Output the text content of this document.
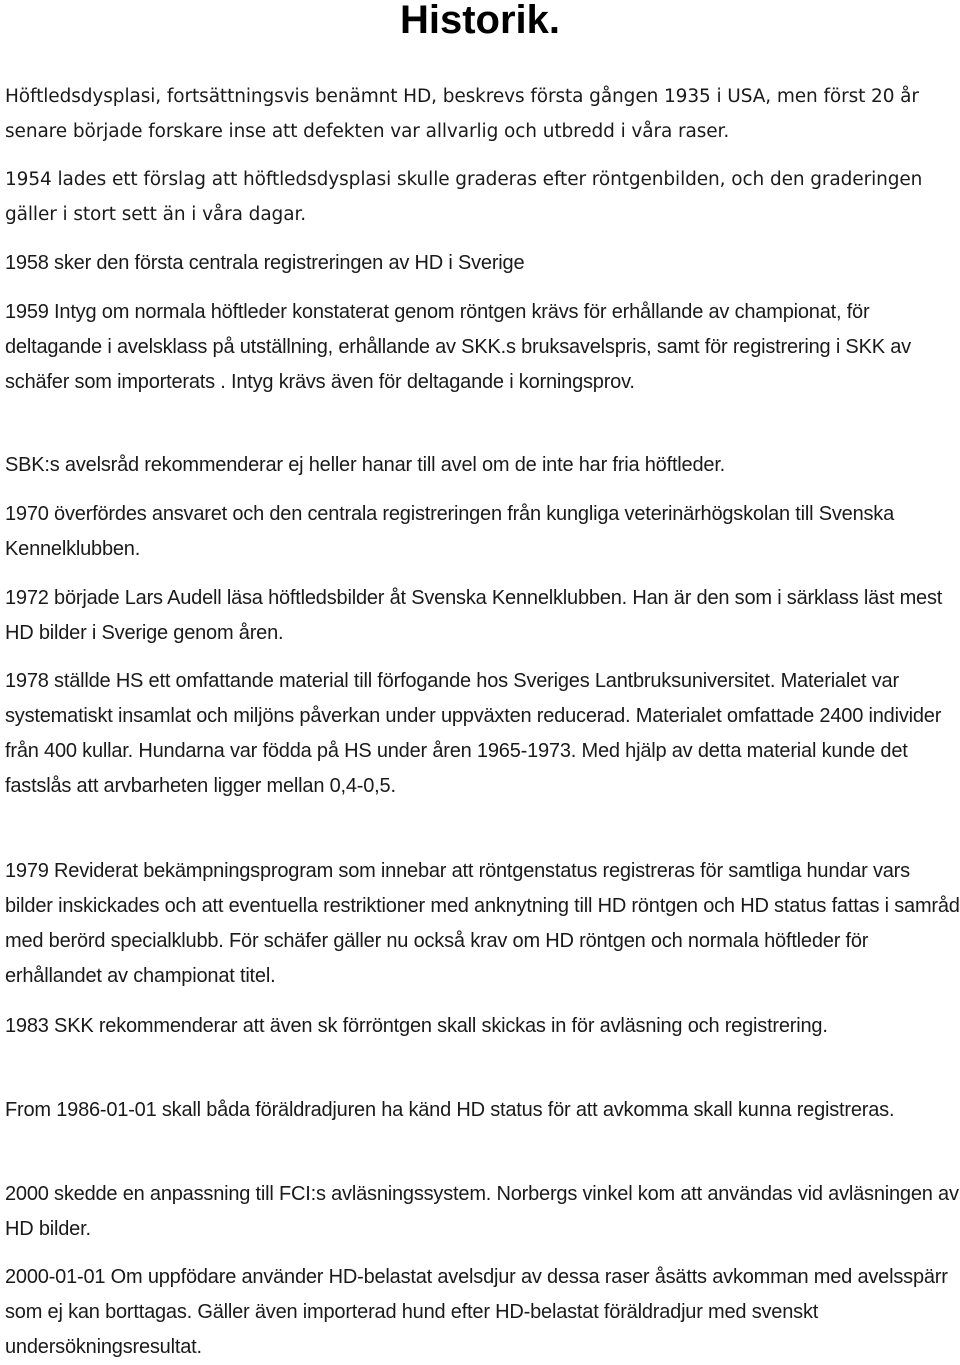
Historik.

Höftledsdysplasi, fortsättningsvis benämnt HD, beskrevs första gången 1935 i USA, men först 20 år senare började forskare inse att defekten var allvarlig och utbredd i våra raser.

1954 lades ett förslag att höftledsdysplasi skulle graderas efter röntgenbilden, och den graderingen gäller i stort sett än i våra dagar.

1958 sker den första centrala registreringen av HD i Sverige

1959 Intyg om normala höftleder konstaterat genom röntgen krävs för erhållande av championat, för deltagande i avelsklass på utställning, erhållande av SKK.s bruksavelspris, samt för registrering i SKK av schäfer som importerats . Intyg krävs även för deltagande i korningsprov.

SBK:s avelsråd rekommenderar ej heller hanar till avel om de inte har fria höftleder.

1970 överfördes ansvaret och den centrala registreringen från kungliga veterinärhögskolan till Svenska Kennelklubben.

1972 började Lars Audell läsa höftledsbilder åt Svenska Kennelklubben. Han är den som i särklass läst mest HD bilder i Sverige genom åren.

1978 ställde HS ett omfattande material till förfogande hos Sveriges Lantbruksuniversitet. Materialet var systematiskt insamlat och miljöns påverkan under uppväxten reducerad. Materialet omfattade 2400 individer från 400 kullar. Hundarna var födda på HS under åren 1965-1973. Med hjälp av detta material kunde det fastslås att arvbarheten ligger mellan 0,4-0,5.

1979 Reviderat bekämpningsprogram som innebar att röntgenstatus registreras för samtliga hundar vars bilder inskickades och att eventuella restriktioner med anknytning till HD röntgen och HD status fattas i samråd med berörd specialklubb. För schäfer gäller nu också krav om HD röntgen och normala höftleder för erhållandet av championat titel.

1983 SKK rekommenderar att även sk förröntgen skall skickas in för avläsning och registrering.

From 1986-01-01 skall båda föräldradjuren ha känd HD status för att avkomma skall kunna registreras.

2000 skedde en anpassning till FCI:s avläsningssystem. Norbergs vinkel kom att användas vid avläsningen av HD bilder.

2000-01-01 Om uppfödare använder HD-belastat avelsdjur av dessa raser åsätts avkomman med avelsspärr som ej kan borttagas. Gäller även importerad hund efter HD-belastat föräldradjur med svenskt undersökningsresultat.
